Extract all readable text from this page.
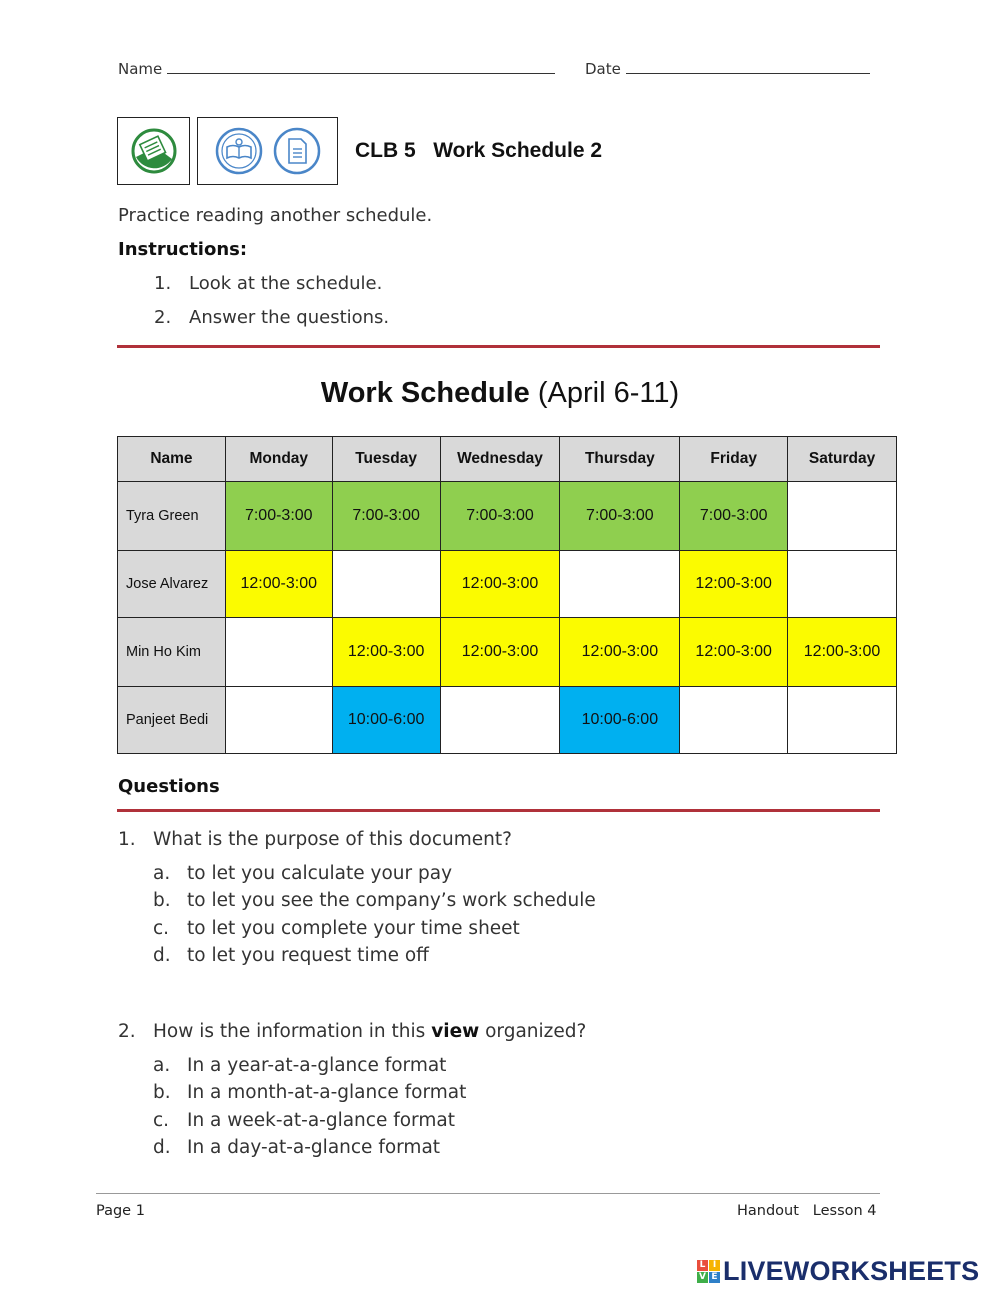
Name	Date
CLB 5 Work Schedule 2
Practice reading another schedule.
Instructions:
1. Look at the schedule.
2. Answer the questions.
Work Schedule (April 6-11)
Name	Monday	Tuesday	Wednesday	Thursday	Friday	Saturday
Tyra Green	7:00-3:00	7:00-3:00	7:00-3:00	7:00-3:00	7:00-3:00	
Jose Alvarez	12:00-3:00		12:00-3:00		12:00-3:00	
Min Ho Kim		12:00-3:00	12:00-3:00	12:00-3:00	12:00-3:00	12:00-3:00
Panjeet Bedi		10:00-6:00		10:00-6:00		
Questions
1. What is the purpose of this document?
a. to let you calculate your pay
b. to let you see the company’s work schedule
c. to let you complete your time sheet
d. to let you request time off
2. How is the information in this view organized?
a. In a year-at-a-glance format
b. In a month-at-a-glance format
c. In a week-at-a-glance format
d. In a day-at-a-glance format
Page 1	Handout Lesson 4
L I
V E LIVEWORKSHEETS
